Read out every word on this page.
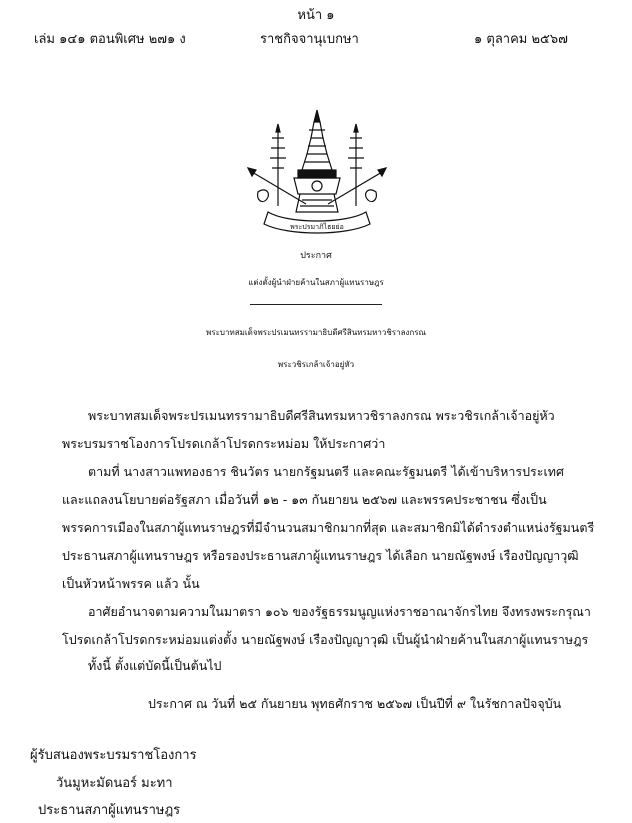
หน้า ๑
เล่ม ๑๔๑ ตอนพิเศษ ๒๗๑ ง	ราชกิจจานุเบกษา	๑ ตุลาคม ๒๕๖๗
พระปรมาภิไธยย่อ
ประกาศ
แต่งตั้งผู้นำฝ่ายค้านในสภาผู้แทนราษฎร
พระบาทสมเด็จพระปรเมนทรรามาธิบดีศรีสินทรมหาวชิราลงกรณ
พระวชิรเกล้าเจ้าอยู่หัว
พระบาทสมเด็จพระปรเมนทรรามาธิบดีศรีสินทรมหาวชิราลงกรณ พระวชิรเกล้าเจ้าอยู่หัว
พระบรมราชโองการโปรดเกล้าโปรดกระหม่อม ให้ประกาศว่า
ตามที่ นางสาวแพทองธาร ชินวัตร นายกรัฐมนตรี และคณะรัฐมนตรี ได้เข้าบริหารประเทศ
และแถลงนโยบายต่อรัฐสภา เมื่อวันที่ ๑๒ - ๑๓ กันยายน ๒๕๖๗ และพรรคประชาชน ซึ่งเป็น
พรรคการเมืองในสภาผู้แทนราษฎรที่มีจำนวนสมาชิกมากที่สุด และสมาชิกมิได้ดำรงตำแหน่งรัฐมนตรี
ประธานสภาผู้แทนราษฎร หรือรองประธานสภาผู้แทนราษฎร ได้เลือก นายณัฐพงษ์ เรืองปัญญาวุฒิ
เป็นหัวหน้าพรรค แล้ว นั้น
อาศัยอำนาจตามความในมาตรา ๑๐๖ ของรัฐธรรมนูญแห่งราชอาณาจักรไทย จึงทรงพระกรุณา
โปรดเกล้าโปรดกระหม่อมแต่งตั้ง นายณัฐพงษ์ เรืองปัญญาวุฒิ เป็นผู้นำฝ่ายค้านในสภาผู้แทนราษฎร
ทั้งนี้ ตั้งแต่บัดนี้เป็นต้นไป
ประกาศ ณ วันที่ ๒๕ กันยายน พุทธศักราช ๒๕๖๗ เป็นปีที่ ๙ ในรัชกาลปัจจุบัน
ผู้รับสนองพระบรมราชโองการ
วันมูหะมัดนอร์ มะทา
ประธานสภาผู้แทนราษฎร
